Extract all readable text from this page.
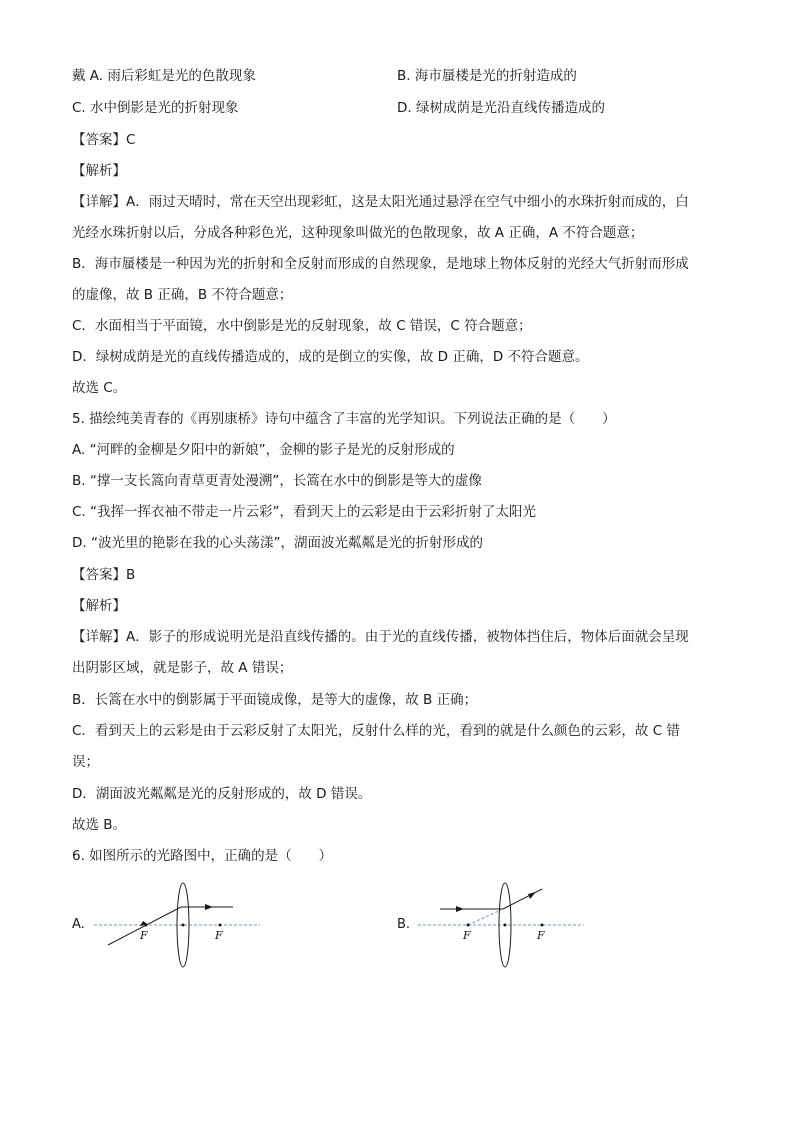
戴 A. 雨后彩虹是光的色散现象	B. 海市蜃楼是光的折射造成的
C. 水中倒影是光的折射现象	D. 绿树成荫是光沿直线传播造成的
【答案】C
【解析】
【详解】A．雨过天晴时，常在天空出现彩虹，这是太阳光通过悬浮在空气中细小的水珠折射而成的，白
光经水珠折射以后，分成各种彩色光，这种现象叫做光的色散现象，故 A 正确，A 不符合题意；
B．海市蜃楼是一种因为光的折射和全反射而形成的自然现象，是地球上物体反射的光经大气折射而形成
的虚像，故 B 正确，B 不符合题意；
C．水面相当于平面镜，水中倒影是光的反射现象，故 C 错误，C 符合题意；
D．绿树成荫是光的直线传播造成的，成的是倒立的实像，故 D 正确，D 不符合题意。
故选 C。
5. 描绘纯美青春的《再别康桥》诗句中蕴含了丰富的光学知识。下列说法正确的是（　　）
A. “河畔的金柳是夕阳中的新娘”，金柳的影子是光的反射形成的
B. “撑一支长篙向青草更青处漫溯”，长篙在水中的倒影是等大的虚像
C. “我挥一挥衣袖不带走一片云彩”，看到天上的云彩是由于云彩折射了太阳光
D. “波光里的艳影在我的心头荡漾”，湖面波光粼粼是光的折射形成的
【答案】B
【解析】
【详解】A．影子的形成说明光是沿直线传播的。由于光的直线传播，被物体挡住后，物体后面就会呈现
出阴影区域，就是影子，故 A 错误；
B．长篙在水中的倒影属于平面镜成像，是等大的虚像，故 B 正确；
C．看到天上的云彩是由于云彩反射了太阳光，反射什么样的光，看到的就是什么颜色的云彩，故 C 错
误；
D．湖面波光粼粼是光的反射形成的，故 D 错误。
故选 B。
6. 如图所示的光路图中，正确的是（　　）
A.
F	F
B.
F	F
